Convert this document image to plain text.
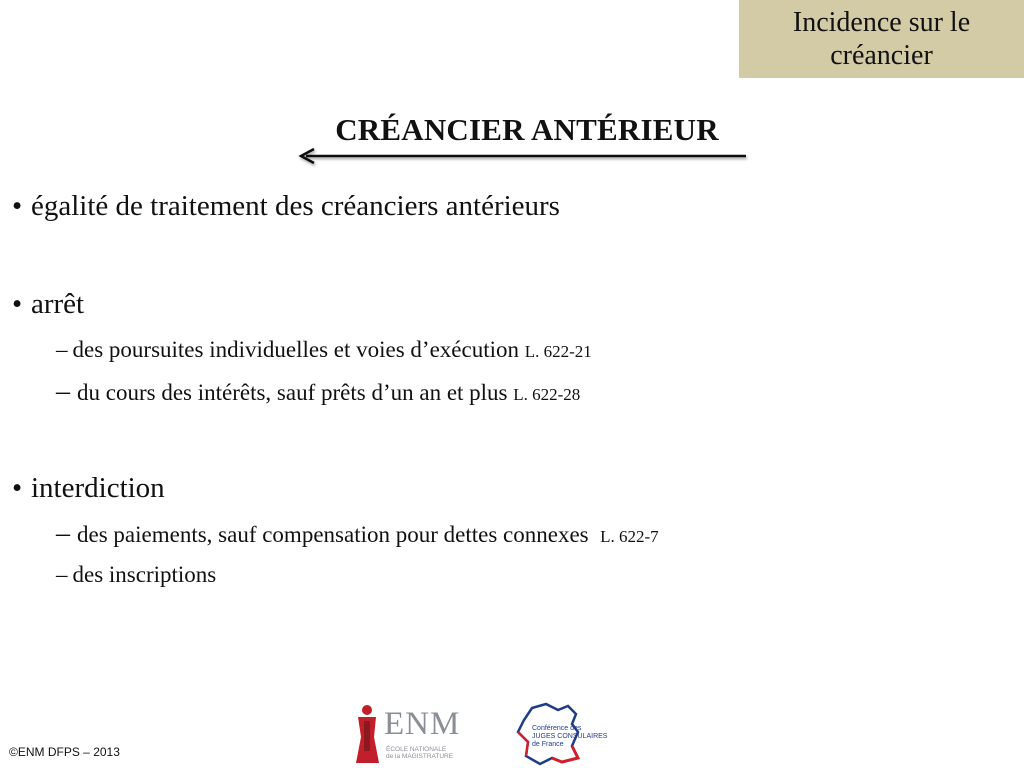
Incidence sur le
créancier
CRÉANCIER ANTÉRIEUR
• égalité de traitement des créanciers antérieurs
• arrêt
– des poursuites individuelles et voies d’exécution L. 622-21
– du cours des intérêts, sauf prêts d’un an et plus L. 622-28
• interdiction
– des paiements, sauf compensation pour dettes connexes L. 622-7
– des inscriptions
©ENM DFPS – 2013
ENM
ÉCOLE NATIONALE
de la MAGISTRATURE
Conférence des
JUGES CONSULAIRES
de France
